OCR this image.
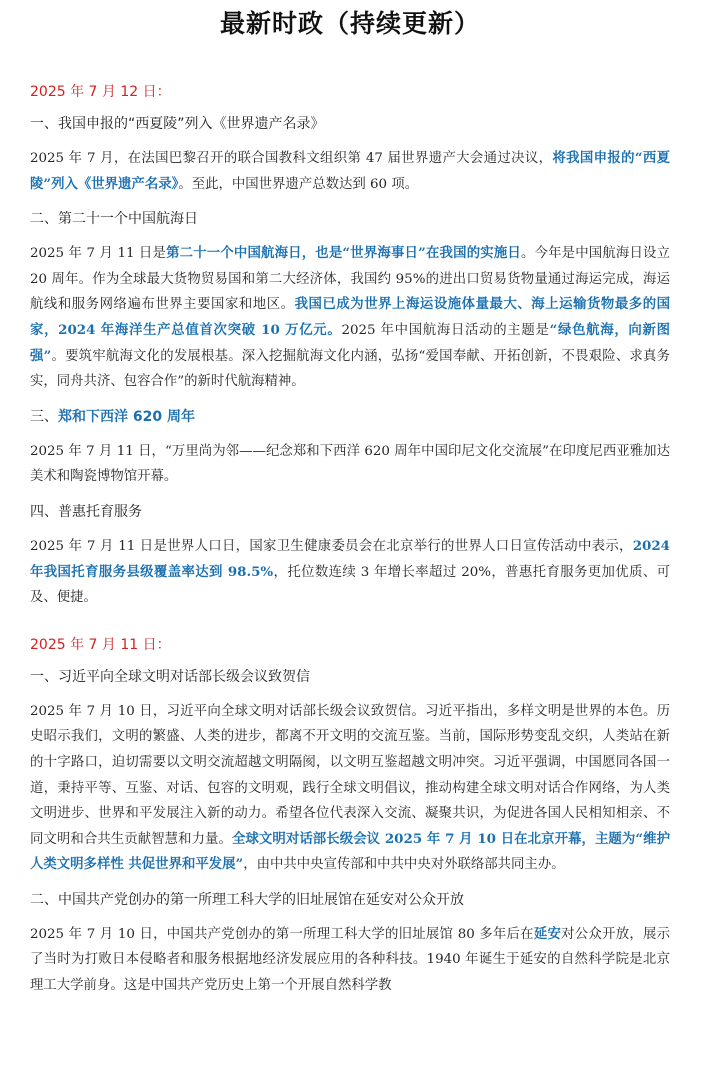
最新时政（持续更新）

2025 年 7 月 12 日：

一、我国申报的“西夏陵”列入《世界遗产名录》

2025 年 7 月，在法国巴黎召开的联合国教科文组织第 47 届世界遗产大会通过决议，将我国申报的“西夏陵”列入《世界遗产名录》。至此，中国世界遗产总数达到 60 项。

二、第二十一个中国航海日

2025 年 7 月 11 日是第二十一个中国航海日，也是“世界海事日”在我国的实施日。今年是中国航海日设立 20 周年。作为全球最大货物贸易国和第二大经济体，我国约 95%的进出口贸易货物量通过海运完成，海运航线和服务网络遍布世界主要国家和地区。我国已成为世界上海运设施体量最大、海上运输货物最多的国家，2024 年海洋生产总值首次突破 10 万亿元。2025 年中国航海日活动的主题是“绿色航海，向新图强”。要筑牢航海文化的发展根基。深入挖掘航海文化内涵，弘扬“爱国奉献、开拓创新，不畏艰险、求真务实，同舟共济、包容合作”的新时代航海精神。

三、郑和下西洋 620 周年

2025 年 7 月 11 日，“万里尚为邻——纪念郑和下西洋 620 周年中国印尼文化交流展”在印度尼西亚雅加达美术和陶瓷博物馆开幕。

四、普惠托育服务

2025 年 7 月 11 日是世界人口日，国家卫生健康委员会在北京举行的世界人口日宣传活动中表示，2024 年我国托育服务县级覆盖率达到 98.5%，托位数连续 3 年增长率超过 20%，普惠托育服务更加优质、可及、便捷。

2025 年 7 月 11 日：

一、习近平向全球文明对话部长级会议致贺信

2025 年 7 月 10 日，习近平向全球文明对话部长级会议致贺信。习近平指出，多样文明是世界的本色。历史昭示我们，文明的繁盛、人类的进步，都离不开文明的交流互鉴。当前，国际形势变乱交织，人类站在新的十字路口，迫切需要以文明交流超越文明隔阂，以文明互鉴超越文明冲突。习近平强调，中国愿同各国一道，秉持平等、互鉴、对话、包容的文明观，践行全球文明倡议，推动构建全球文明对话合作网络，为人类文明进步、世界和平发展注入新的动力。希望各位代表深入交流、凝聚共识，为促进各国人民相知相亲、不同文明和合共生贡献智慧和力量。全球文明对话部长级会议 2025 年 7 月 10 日在北京开幕，主题为“维护人类文明多样性 共促世界和平发展”，由中共中央宣传部和中共中央对外联络部共同主办。

二、中国共产党创办的第一所理工科大学的旧址展馆在延安对公众开放

2025 年 7 月 10 日，中国共产党创办的第一所理工科大学的旧址展馆 80 多年后在延安对公众开放，展示了当时为打败日本侵略者和服务根据地经济发展应用的各种科技。1940 年诞生于延安的自然科学院是北京理工大学前身。这是中国共产党历史上第一个开展自然科学教
